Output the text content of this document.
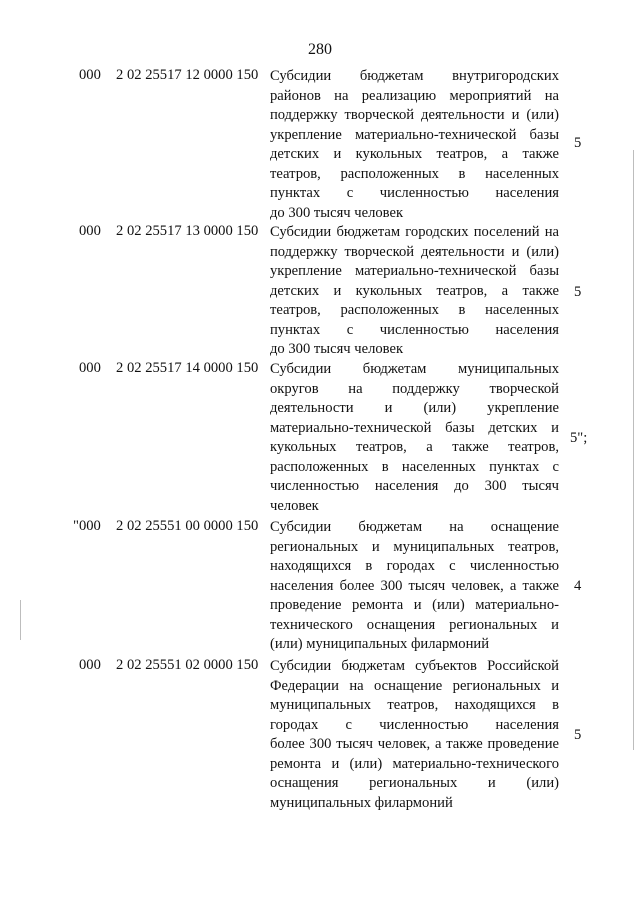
280
000 2 02 25517 12 0000 150 Субсидии бюджетам внутригородских
районов на реализацию мероприятий на
поддержку творческой деятельности и (или)
укрепление материально-технической базы
детских и кукольных театров, а также
театров, расположенных в населенных
пунктах с численностью населения
до 300 тысяч человек
5
000 2 02 25517 13 0000 150 Субсидии бюджетам городских поселений на
поддержку творческой деятельности и (или)
укрепление материально-технической базы
детских и кукольных театров, а также
театров, расположенных в населенных
пунктах с численностью населения
до 300 тысяч человек
5
000 2 02 25517 14 0000 150 Субсидии бюджетам муниципальных
округов на поддержку творческой
деятельности и (или) укрепление
материально-технической базы детских и
кукольных театров, а также театров,
расположенных в населенных пунктах с
численностью населения до 300 тысяч
человек
5";
"000 2 02 25551 00 0000 150 Субсидии бюджетам на оснащение
региональных и муниципальных театров,
находящихся в городах с численностью
населения более 300 тысяч человек, а также
проведение ремонта и (или) материально-
технического оснащения региональных и
(или) муниципальных филармоний
4
000 2 02 25551 02 0000 150 Субсидии бюджетам субъектов Российской
Федерации на оснащение региональных и
муниципальных театров, находящихся в
городах с численностью населения
более 300 тысяч человек, а также проведение
ремонта и (или) материально-технического
оснащения региональных и (или)
муниципальных филармоний
5
